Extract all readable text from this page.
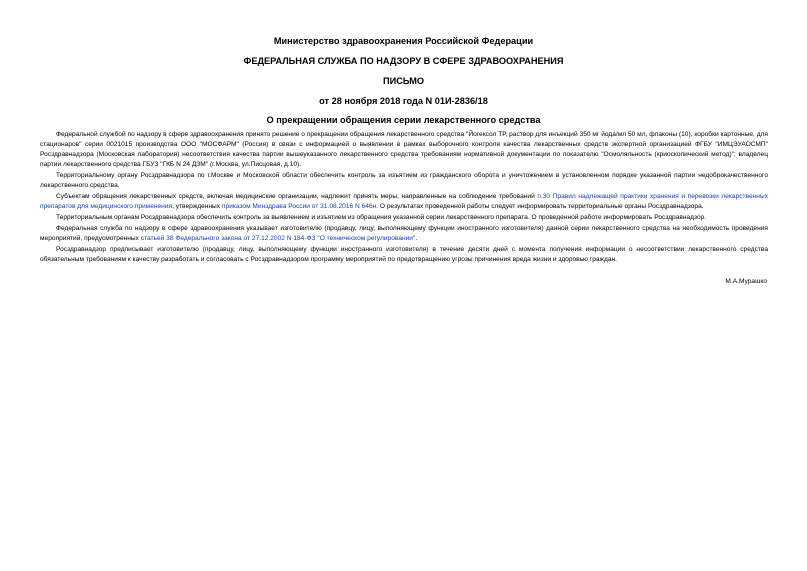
Министерство здравоохранения Российской Федерации
ФЕДЕРАЛЬНАЯ СЛУЖБА ПО НАДЗОРУ В СФЕРЕ ЗДРАВООХРАНЕНИЯ
ПИСЬМО
от 28 ноября 2018 года N 01И-2836/18
О прекращении обращения серии лекарственного средства

Федеральной службой по надзору в сфере здравоохранения принято решение о прекращении обращения лекарственного средства "Йогексол ТР, раствор для инъекций 350 мг йода/мл 50 мл, флаконы (10), коробки картонные, для стационаров" серии 0021015 производства ООО "МОСФАРМ" (Россия) в связи с информацией о выявлении в рамках выборочного контроля качества лекарственных средств экспертной организацией ФГБУ "ИМЦЭУАОСМП" Росздравнадзора (Московская лаборатория) несоответствия качества партии вышеуказанного лекарственного средства требованиям нормативной документации по показателю "Осмоляльность (криоскопический метод)"; владелец партии лекарственного средства ГБУЗ "ГКБ N 24 ДЗМ" (г.Москва, ул.Писцовая, д.10).

Территориальному органу Росздравнадзора по г.Москве и Московской области обеспечить контроль за изъятием из гражданского оборота и уничтожением в установленном порядке указанной партии недоброкачественного лекарственного средства.

Субъектам обращения лекарственных средств, включая медицинские организации, надлежит принять меры, направленные на соблюдение требований п.30 Правил надлежащей практики хранения и перевозки лекарственных препаратов для медицинского применения, утвержденных приказом Минздрава России от 31.08.2016 N 646н. О результатах проведенной работы следует информировать территориальные органы Росздравнадзора.

Территориальным органам Росздравнадзора обеспечить контроль за выявлением и изъятием из обращения указанной серии лекарственного препарата. О проведенной работе информировать Росздравнадзор.

Федеральная служба по надзору в сфере здравоохранения указывает изготовителю (продавцу, лицу, выполняющему функции иностранного изготовителя) данной серии лекарственного средства на необходимость проведения мероприятий, предусмотренных статьей 38 Федерального закона от 27.12.2002 N 184-ФЗ "О техническом регулировании".

Росздравнадзор предписывает изготовителю (продавцу, лицу, выполняющему функции иностранного изготовителя) в течение десяти дней с момента получения информации о несоответствии лекарственного средства обязательным требованиям к качеству разработать и согласовать с Росздравнадзором программу мероприятий по предотвращению угрозы причинения вреда жизни и здоровью граждан.

М.А.Мурашко
